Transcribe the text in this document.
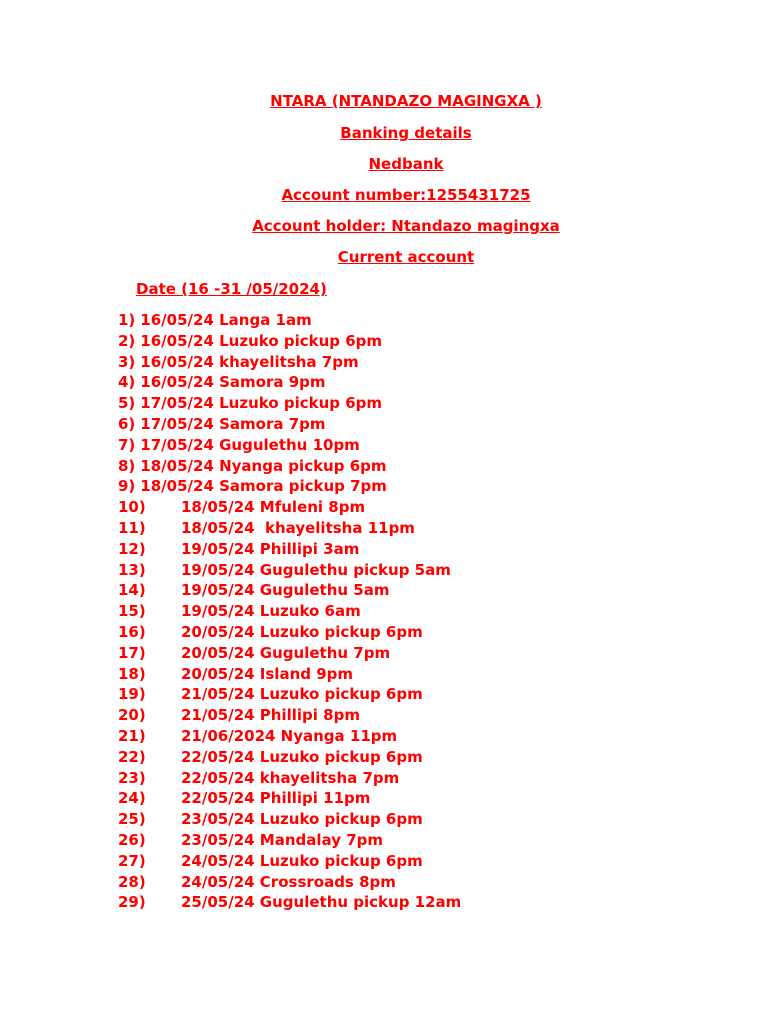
NTARA (NTANDAZO MAGINGXA )
Banking details
Nedbank
Account number:1255431725
Account holder: Ntandazo magingxa
Current account
Date (16 -31 /05/2024)
1) 16/05/24 Langa 1am
2) 16/05/24 Luzuko pickup 6pm
3) 16/05/24 khayelitsha 7pm
4) 16/05/24 Samora 9pm
5) 17/05/24 Luzuko pickup 6pm
6) 17/05/24 Samora 7pm
7) 17/05/24 Gugulethu 10pm
8) 18/05/24 Nyanga pickup 6pm
9) 18/05/24 Samora pickup 7pm
10) 18/05/24 Mfuleni 8pm
11) 18/05/24  khayelitsha 11pm
12) 19/05/24 Phillipi 3am
13) 19/05/24 Gugulethu pickup 5am
14) 19/05/24 Gugulethu 5am
15) 19/05/24 Luzuko 6am
16) 20/05/24 Luzuko pickup 6pm
17) 20/05/24 Gugulethu 7pm
18) 20/05/24 Island 9pm
19) 21/05/24 Luzuko pickup 6pm
20) 21/05/24 Phillipi 8pm
21) 21/06/2024 Nyanga 11pm
22) 22/05/24 Luzuko pickup 6pm
23) 22/05/24 khayelitsha 7pm
24) 22/05/24 Phillipi 11pm
25) 23/05/24 Luzuko pickup 6pm
26) 23/05/24 Mandalay 7pm
27) 24/05/24 Luzuko pickup 6pm
28) 24/05/24 Crossroads 8pm
29) 25/05/24 Gugulethu pickup 12am
